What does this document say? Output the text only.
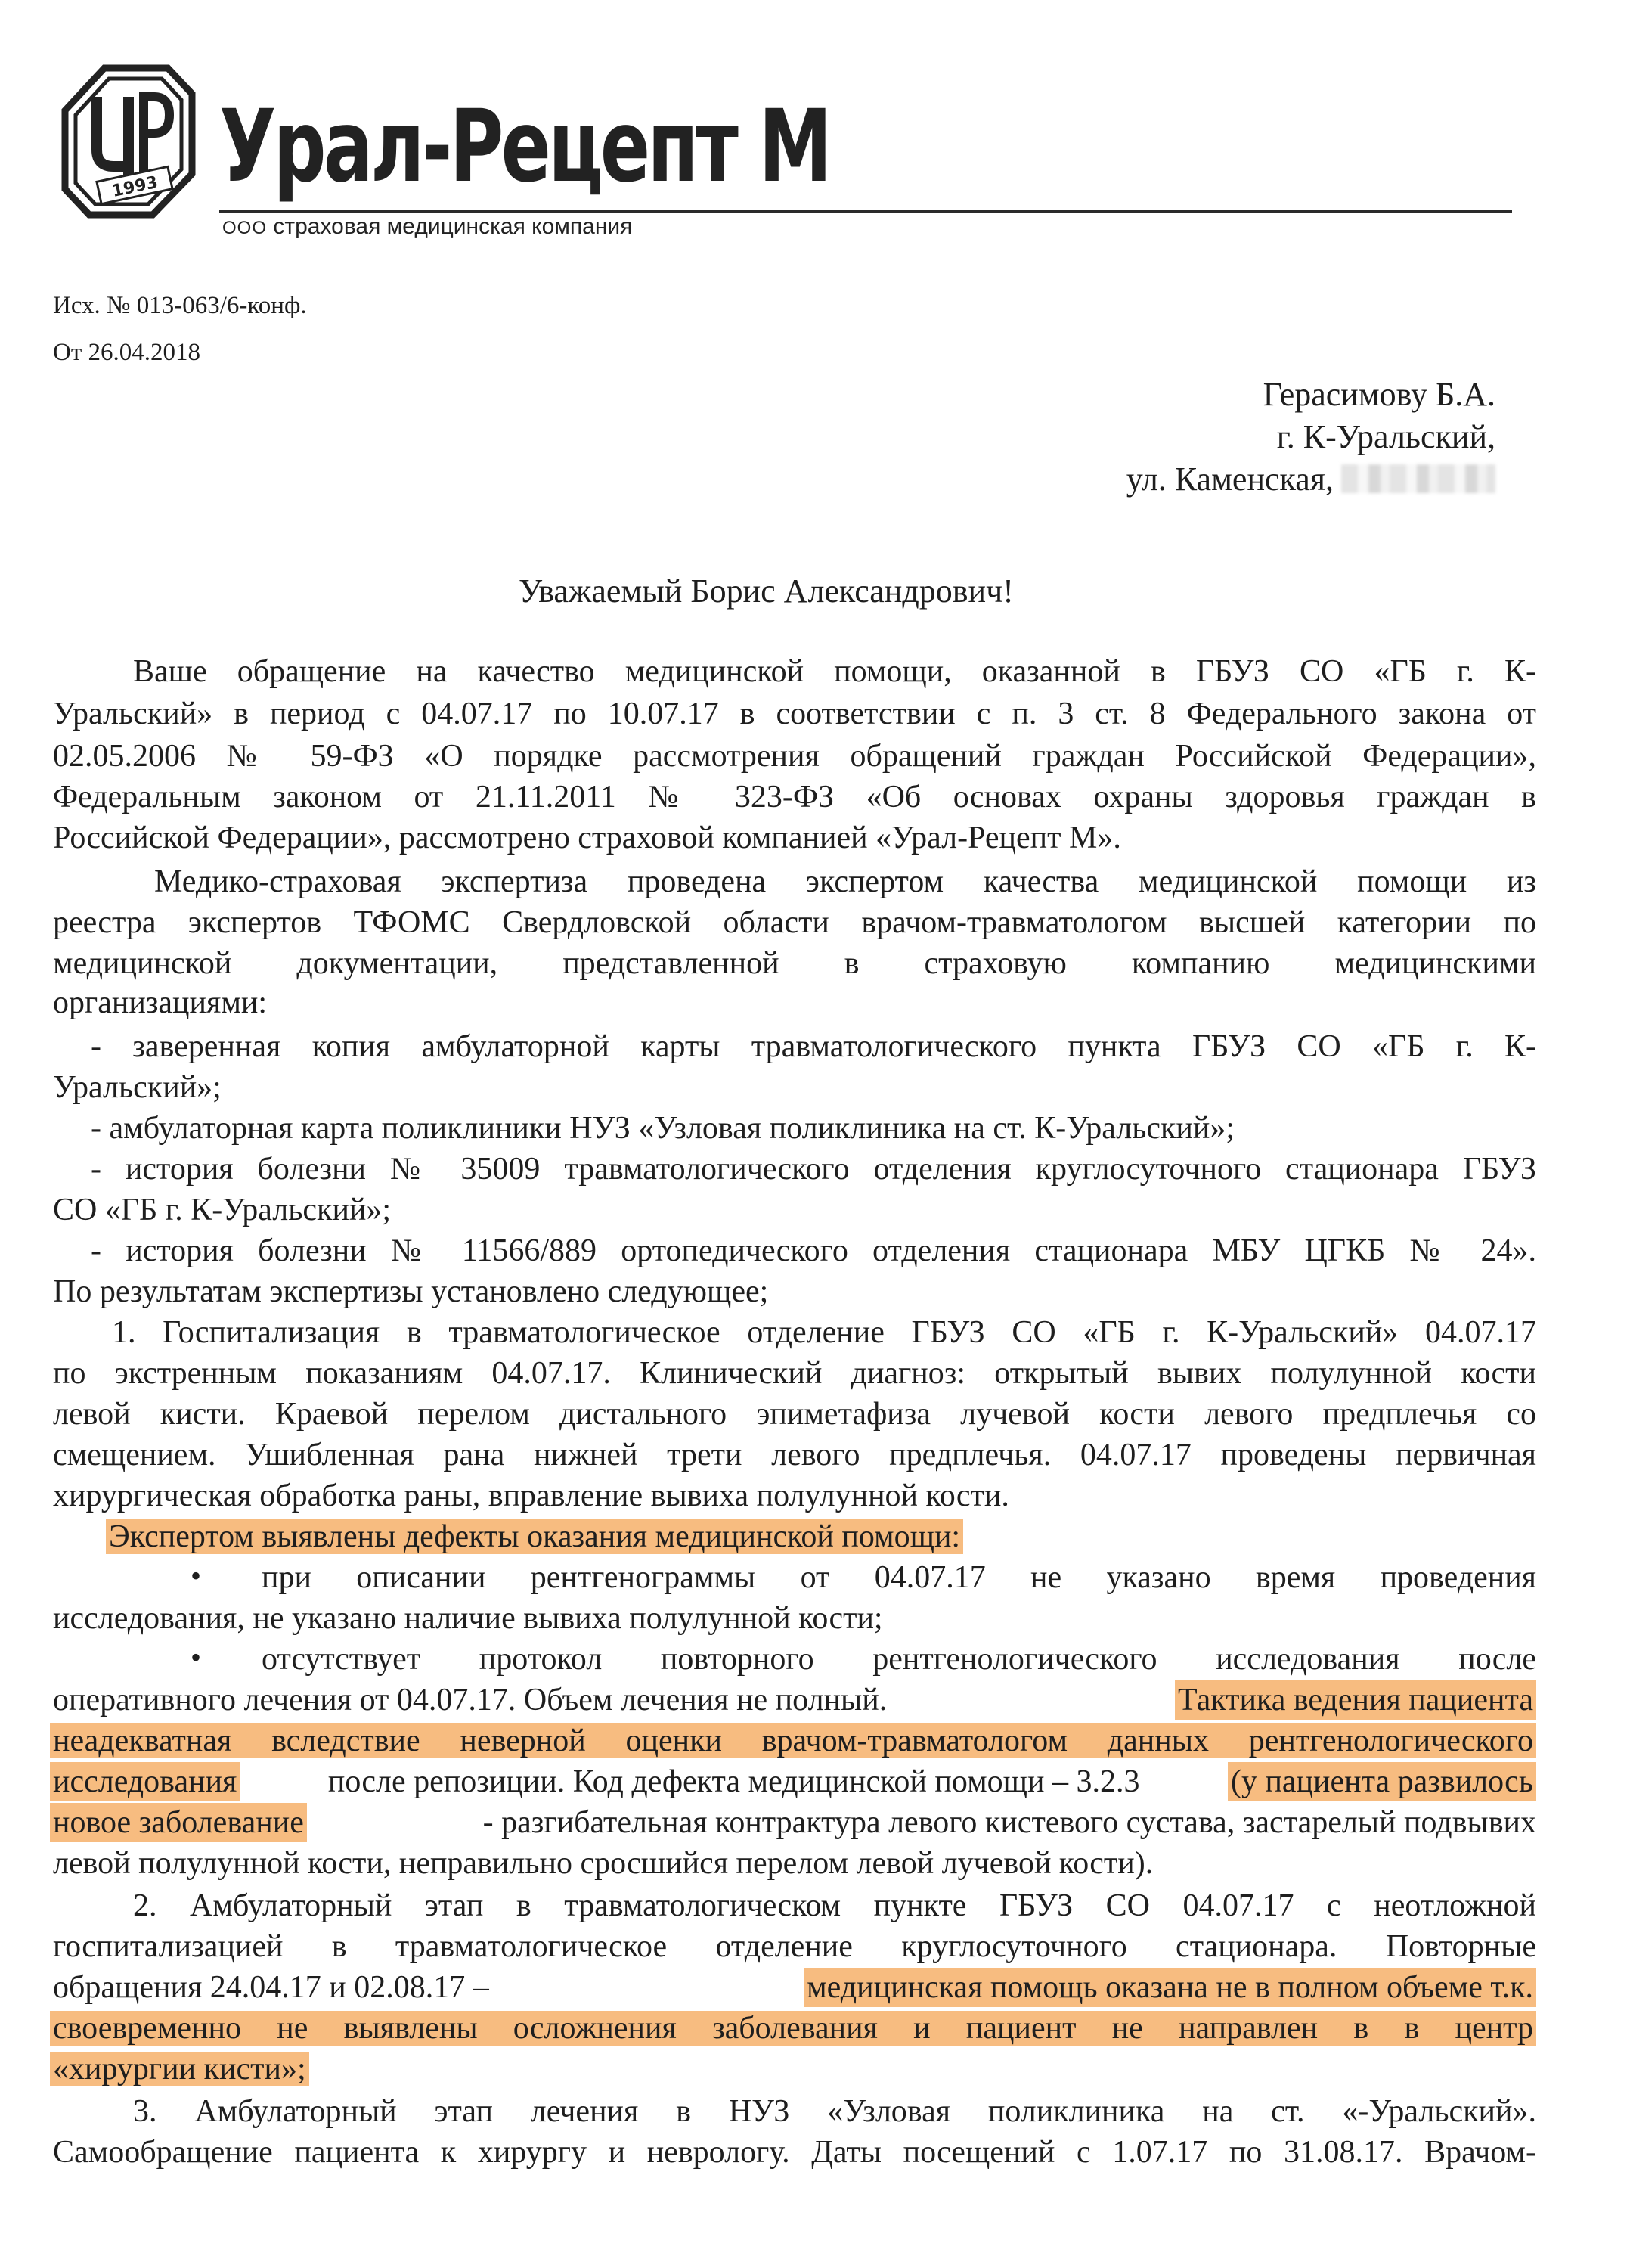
1993 Урал-Рецепт М
ООО страховая медицинская компания
Исх. № 013-063/6-конф.
От 26.04.2018
Герасимову Б.А.
г. К-Уральский,
ул. Каменская,
Уважаемый Борис Александрович!
Ваше обращение на качество медицинской помощи, оказанной в ГБУЗ СО «ГБ г. К-
Уральский» в период с 04.07.17 по 10.07.17 в соответствии с п. 3 ст. 8 Федерального закона от
02.05.2006 № 59-ФЗ «О порядке рассмотрения обращений граждан Российской Федерации»,
Федеральным законом от 21.11.2011 № 323-ФЗ «Об основах охраны здоровья граждан в
Российской Федерации», рассмотрено страховой компанией «Урал-Рецепт М».
Медико-страховая экспертиза проведена экспертом качества медицинской помощи из
реестра экспертов ТФОМС Свердловской области врачом-травматологом высшей категории по
медицинской документации, представленной в страховую компанию медицинскими
организациями:
- заверенная копия амбулаторной карты травматологического пункта ГБУЗ СО «ГБ г. К-
Уральский»;
- амбулаторная карта поликлиники НУЗ «Узловая поликлиника на ст. К-Уральский»;
- история болезни № 35009 травматологического отделения круглосуточного стационара ГБУЗ
СО «ГБ г. К-Уральский»;
- история болезни № 11566/889 ортопедического отделения стационара МБУ ЦГКБ № 24».
По результатам экспертизы установлено следующее;
1. Госпитализация в травматологическое отделение ГБУЗ СО «ГБ г. К-Уральский» 04.07.17
по экстренным показаниям 04.07.17. Клинический диагноз: открытый вывих полулунной кости
левой кисти. Краевой перелом дистального эпиметафиза лучевой кости левого предплечья со
смещением. Ушибленная рана нижней трети левого предплечья. 04.07.17 проведены первичная
хирургическая обработка раны, вправление вывиха полулунной кости.
Экспертом выявлены дефекты оказания медицинской помощи:
• при описании рентгенограммы от 04.07.17 не указано время проведения
исследования, не указано наличие вывиха полулунной кости;
• отсутствует протокол повторного рентгенологического исследования после
оперативного лечения от 04.07.17. Объем лечения не полный.	Тактика ведения пациента
неадекватная вследствие неверной оценки врачом-травматологом данных рентгенологического
исследования	после репозиции. Код дефекта медицинской помощи – 3.2.3	(у пациента развилось
новое заболевание	- разгибательная контрактура левого кистевого сустава, застарелый подвывих
левой полулунной кости, неправильно сросшийся перелом левой лучевой кости).
2. Амбулаторный этап в травматологическом пункте ГБУЗ СО 04.07.17 с неотложной
госпитализацией в травматологическое отделение круглосуточного стационара. Повторные
обращения 24.04.17 и 02.08.17 –	медицинская помощь оказана не в полном объеме т.к.
своевременно не выявлены осложнения заболевания и пациент не направлен в в центр
«хирургии кисти»;
3. Амбулаторный этап лечения в НУЗ «Узловая поликлиника на ст. «-Уральский».
Самообращение пациента к хирургу и неврологу. Даты посещений с 1.07.17 по 31.08.17. Врачом-
